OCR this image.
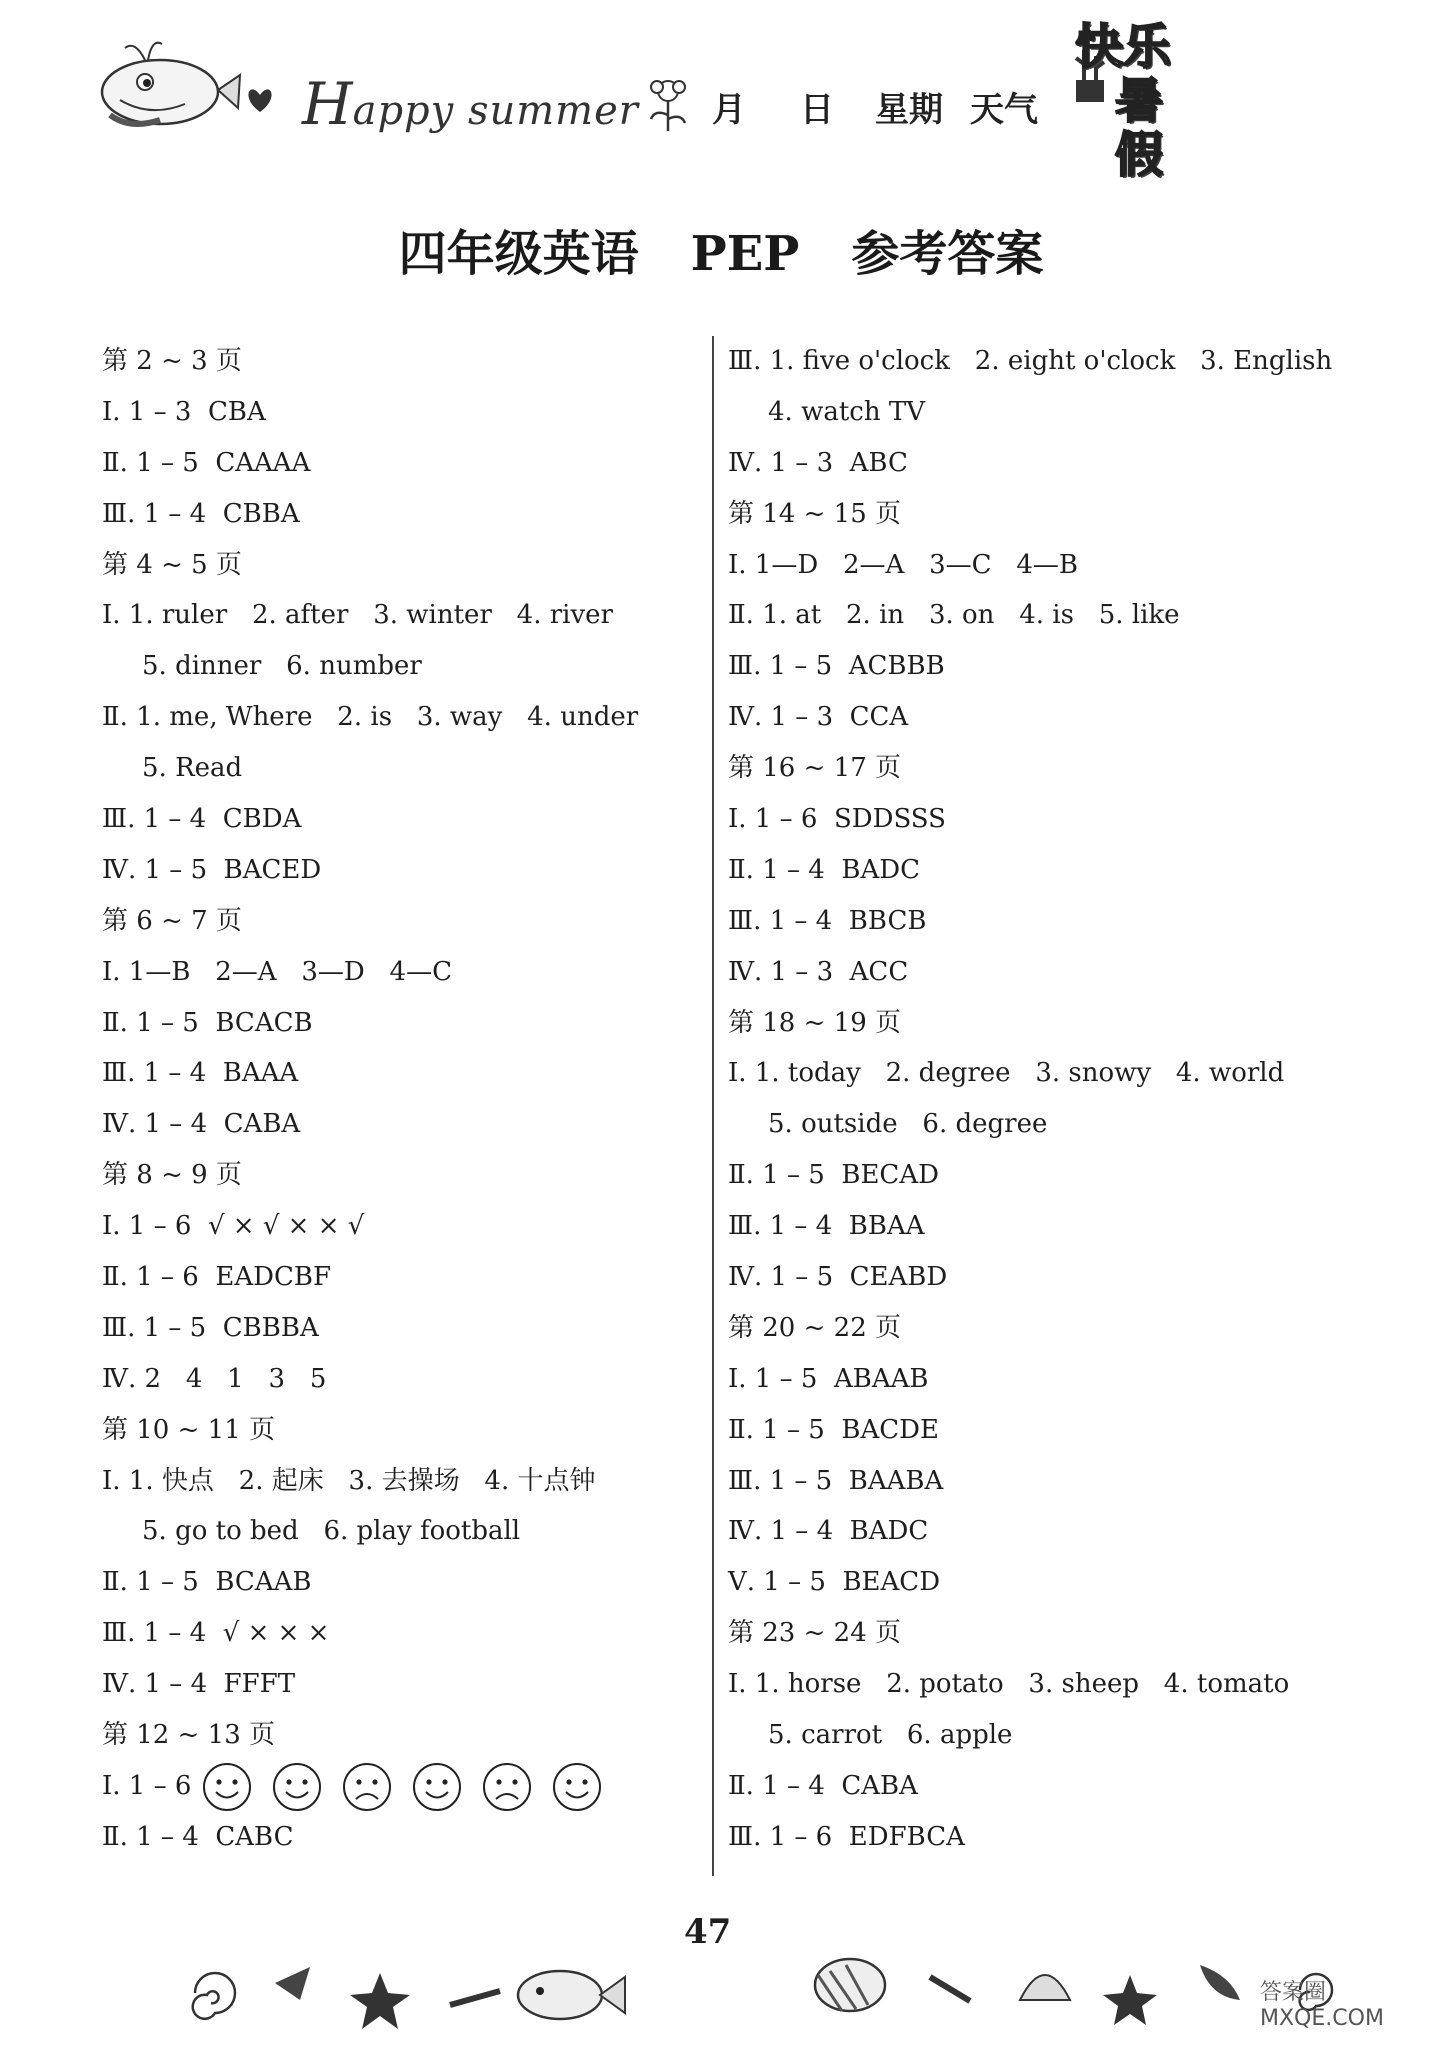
Happy summer 月 日 星期 天气
快乐
暑假
四年级英语 PEP 参考答案
第 2 ~ 3 页
Ⅰ. 1 – 3  CBA
Ⅱ. 1 – 5  CAAAA
Ⅲ. 1 – 4  CBBA
第 4 ~ 5 页
Ⅰ. 1. ruler   2. after   3. winter   4. river
5. dinner   6. number
Ⅱ. 1. me, Where   2. is   3. way   4. under
5. Read
Ⅲ. 1 – 4  CBDA
Ⅳ. 1 – 5  BACED
第 6 ~ 7 页
Ⅰ. 1—B   2—A   3—D   4—C
Ⅱ. 1 – 5  BCACB
Ⅲ. 1 – 4  BAAA
Ⅳ. 1 – 4  CABA
第 8 ~ 9 页
Ⅰ. 1 – 6  √ × √ × × √
Ⅱ. 1 – 6  EADCBF
Ⅲ. 1 – 5  CBBBA
Ⅳ. 2   4   1   3   5
第 10 ~ 11 页
Ⅰ. 1. 快点   2. 起床   3. 去操场   4. 十点钟
5. go to bed   6. play football
Ⅱ. 1 – 5  BCAAB
Ⅲ. 1 – 4  √ × × ×
Ⅳ. 1 – 4  FFFT
第 12 ~ 13 页
Ⅰ. 1 – 6
Ⅱ. 1 – 4  CABC
Ⅲ. 1. five o'clock   2. eight o'clock   3. English
4. watch TV
Ⅳ. 1 – 3  ABC
第 14 ~ 15 页
Ⅰ. 1—D   2—A   3—C   4—B
Ⅱ. 1. at   2. in   3. on   4. is   5. like
Ⅲ. 1 – 5  ACBBB
Ⅳ. 1 – 3  CCA
第 16 ~ 17 页
Ⅰ. 1 – 6  SDDSSS
Ⅱ. 1 – 4  BADC
Ⅲ. 1 – 4  BBCB
Ⅳ. 1 – 3  ACC
第 18 ~ 19 页
Ⅰ. 1. today   2. degree   3. snowy   4. world
5. outside   6. degree
Ⅱ. 1 – 5  BECAD
Ⅲ. 1 – 4  BBAA
Ⅳ. 1 – 5  CEABD
第 20 ~ 22 页
Ⅰ. 1 – 5  ABAAB
Ⅱ. 1 – 5  BACDE
Ⅲ. 1 – 5  BAABA
Ⅳ. 1 – 4  BADC
Ⅴ. 1 – 5  BEACD
第 23 ~ 24 页
Ⅰ. 1. horse   2. potato   3. sheep   4. tomato
5. carrot   6. apple
Ⅱ. 1 – 4  CABA
Ⅲ. 1 – 6  EDFBCA
47
答案圈 MXQE.COM
